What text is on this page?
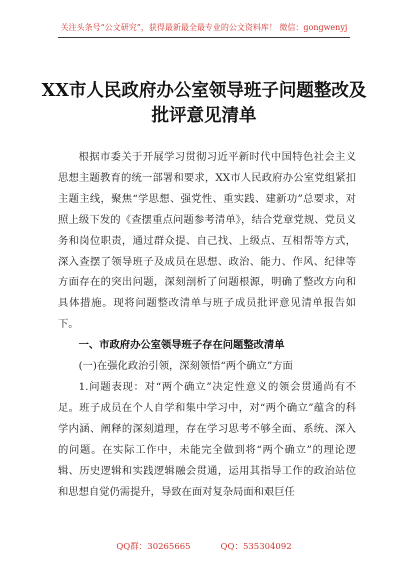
关注头条号“公文研究”，获得最新最全最专业的公文资料库！ 微信：gongwenyj
XX市人民政府办公室领导班子问题整改及批评意见清单

根据市委关于开展学习贯彻习近平新时代中国特色社会主义思想主题教育的统一部署和要求，XX市人民政府办公室党组紧扣主题主线，聚焦“学思想、强党性、重实践、建新功”总要求，对照上级下发的《查摆重点问题参考清单》，结合党章党规、党员义务和岗位职责，通过群众提、自己找、上级点、互相帮等方式，深入查摆了领导班子及成员在思想、政治、能力、作风、纪律等方面存在的突出问题，深刻剖析了问题根源，明确了整改方向和具体措施。现将问题整改清单与班子成员批评意见清单报告如下。

一、市政府办公室领导班子存在问题整改清单

(一)在强化政治引领，深刻领悟“两个确立”方面

1.问题表现：对“两个确立”决定性意义的领会贯通尚有不足。班子成员在个人自学和集中学习中，对“两个确立”蕴含的科学内涵、阐释的深刻道理，存在学习思考不够全面、系统、深入的问题。在实际工作中，未能完全做到将“两个确立”的理论逻辑、历史逻辑和实践逻辑融会贯通，运用其指导工作的政治站位和思想自觉仍需提升，导致在面对复杂局面和艰巨任

QQ群：30265665	QQ：535304092
